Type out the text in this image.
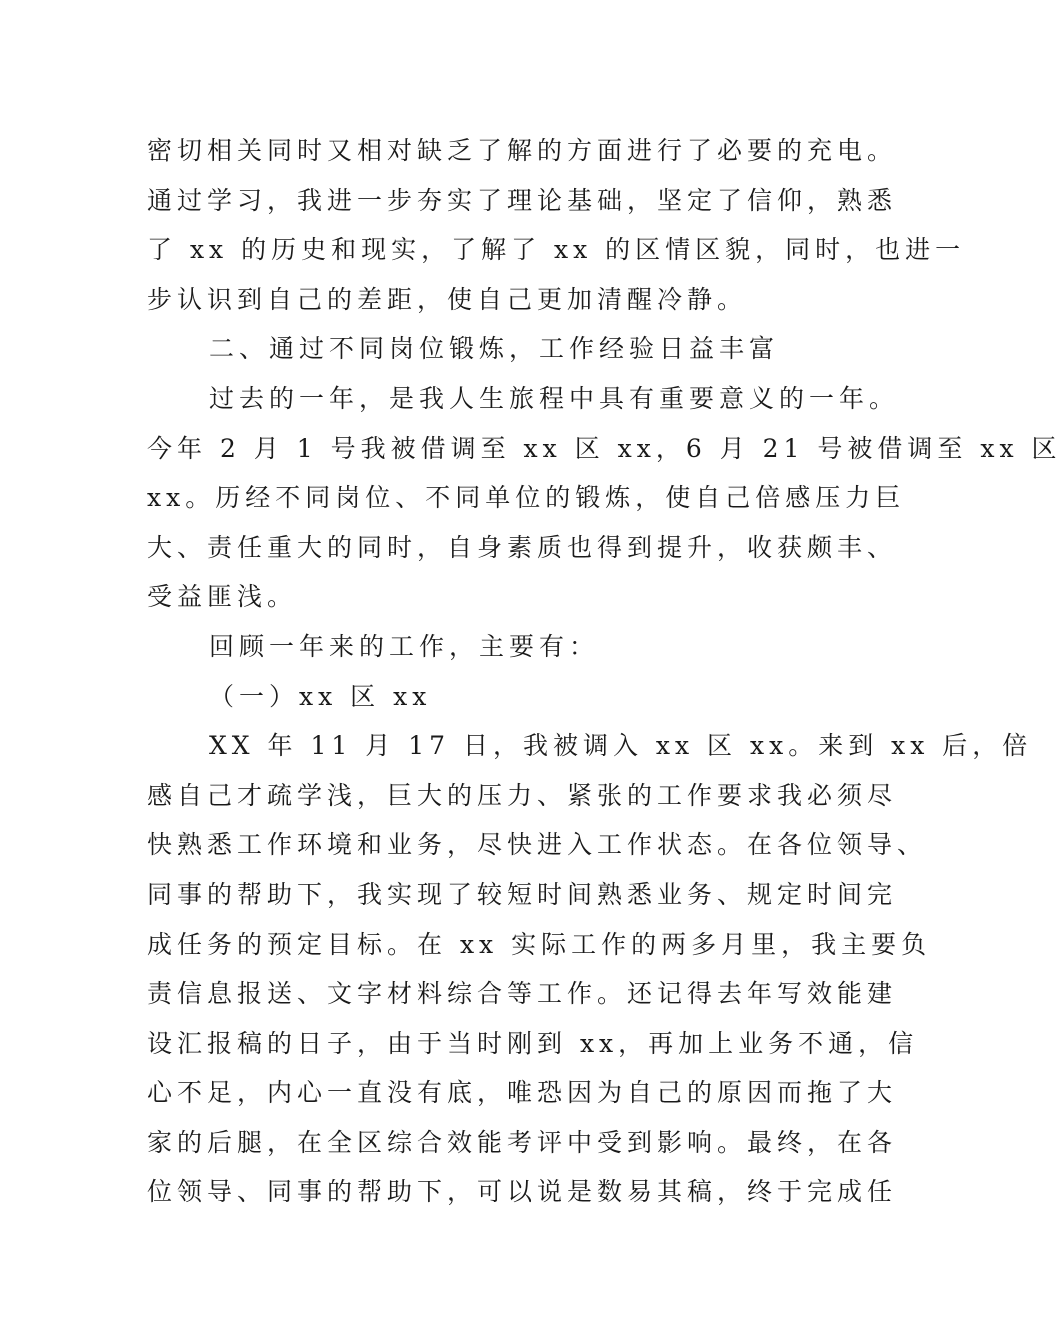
密切相关同时又相对缺乏了解的方面进行了必要的充电。
通过学习，我进一步夯实了理论基础，坚定了信仰，熟悉
了 xx 的历史和现实，了解了 xx 的区情区貌，同时，也进一
步认识到自己的差距，使自己更加清醒冷静。
二、通过不同岗位锻炼，工作经验日益丰富
过去的一年，是我人生旅程中具有重要意义的一年。
今年 2 月 1 号我被借调至 xx 区 xx，6 月 21 号被借调至 xx 区
xx。历经不同岗位、不同单位的锻炼，使自己倍感压力巨
大、责任重大的同时，自身素质也得到提升，收获颇丰、
受益匪浅。
回顾一年来的工作，主要有：
（一）xx 区 xx
XX 年 11 月 17 日，我被调入 xx 区 xx。来到 xx 后，倍
感自己才疏学浅，巨大的压力、紧张的工作要求我必须尽
快熟悉工作环境和业务，尽快进入工作状态。在各位领导、
同事的帮助下，我实现了较短时间熟悉业务、规定时间完
成任务的预定目标。在 xx 实际工作的两多月里，我主要负
责信息报送、文字材料综合等工作。还记得去年写效能建
设汇报稿的日子，由于当时刚到 xx，再加上业务不通，信
心不足，内心一直没有底，唯恐因为自己的原因而拖了大
家的后腿，在全区综合效能考评中受到影响。最终，在各
位领导、同事的帮助下，可以说是数易其稿，终于完成任
